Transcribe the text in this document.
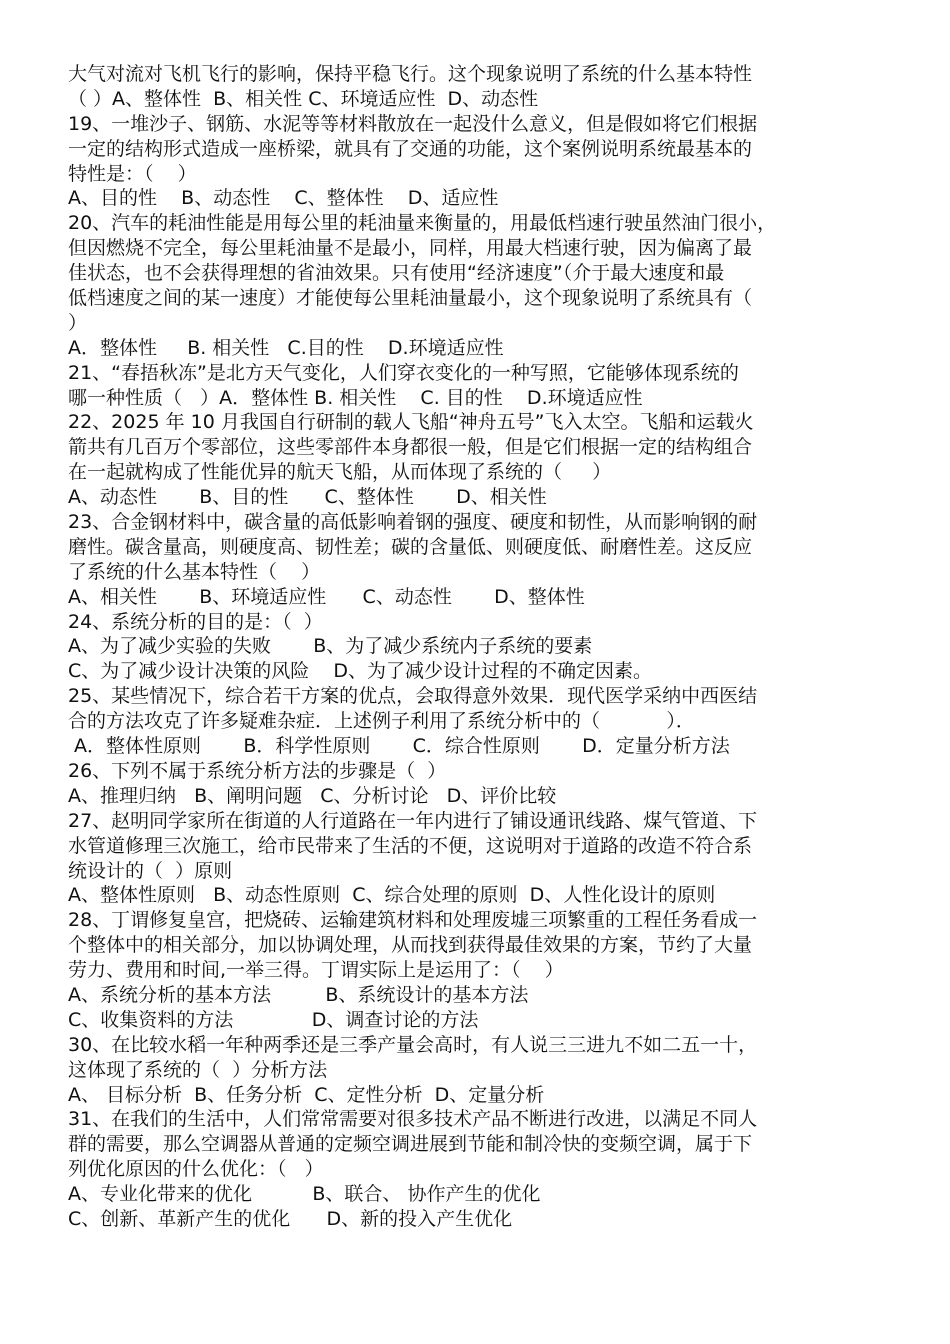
大气对流对飞机飞行的影响，保持平稳飞行。这个现象说明了系统的什么基本特性
（ ）A、整体性  B、相关性 C、环境适应性  D、动态性
19、一堆沙子、钢筋、水泥等等材料散放在一起没什么意义，但是假如将它们根据
一定的结构形式造成一座桥梁，就具有了交通的功能，这个案例说明系统最基本的
特性是：（    ）
A、目的性    B、动态性    C、整体性    D、适应性
20、汽车的耗油性能是用每公里的耗油量来衡量的，用最低档速行驶虽然油门很小，
但因燃烧不完全，每公里耗油量不是最小，同样，用最大档速行驶，因为偏离了最
佳状态，也不会获得理想的省油效果。只有使用“经济速度”（介于最大速度和最
低档速度之间的某一速度）才能使每公里耗油量最小，这个现象说明了系统具有（
）
A．整体性     B. 相关性   C.目的性    D.环境适应性
21、“春捂秋冻”是北方天气变化，人们穿衣变化的一种写照，它能够体现系统的
哪一种性质（   ）A．整体性 B. 相关性    C. 目的性    D.环境适应性
22、2025 年 10 月我国自行研制的载人飞船“神舟五号”飞入太空。飞船和运载火
箭共有几百万个零部位，这些零部件本身都很一般，但是它们根据一定的结构组合
在一起就构成了性能优异的航天飞船，从而体现了系统的（     ）
A、动态性       B、目的性      C、整体性       D、相关性
23、合金钢材料中，碳含量的高低影响着钢的强度、硬度和韧性，从而影响钢的耐
磨性。碳含量高，则硬度高、韧性差；碳的含量低、则硬度低、耐磨性差。这反应
了系统的什么基本特性（    ）
A、相关性       B、环境适应性      C、动态性       D、整体性
24、系统分析的目的是：（  ）
A、为了减少实验的失败       B、为了减少系统内子系统的要素
C、为了减少设计决策的风险    D、为了减少设计过程的不确定因素。
25、某些情况下，综合若干方案的优点，会取得意外效果．现代医学采纳中西医结
合的方法攻克了许多疑难杂症．上述例子利用了系统分析中的（           ）．
A．整体性原则       B．科学性原则       C．综合性原则       D．定量分析方法
26、下列不属于系统分析方法的步骤是（  ）
A、推理归纳   B、阐明问题   C、分析讨论   D、评价比较
27、赵明同学家所在街道的人行道路在一年内进行了铺设通讯线路、煤气管道、下
水管道修理三次施工，给市民带来了生活的不便，这说明对于道路的改造不符合系
统设计的（  ）原则
A、整体性原则   B、动态性原则  C、综合处理的原则  D、人性化设计的原则
28、丁谓修复皇宫，把烧砖、运输建筑材料和处理废墟三项繁重的工程任务看成一
个整体中的相关部分，加以协调处理，从而找到获得最佳效果的方案，节约了大量
劳力、费用和时间,一举三得。丁谓实际上是运用了：（    ）
A、系统分析的基本方法         B、系统设计的基本方法
C、收集资料的方法             D、调查讨论的方法
30、在比较水稻一年种两季还是三季产量会高时，有人说三三进九不如二五一十，
这体现了系统的（  ）分析方法
A、 目标分析  B、任务分析  C、定性分析  D、定量分析
31、在我们的生活中，人们常常需要对很多技术产品不断进行改进，以满足不同人
群的需要，那么空调器从普通的定频空调进展到节能和制冷快的变频空调，属于下
列优化原因的什么优化：（   ）
A、专业化带来的优化          B、联合、 协作产生的优化
C、创新、革新产生的优化      D、新的投入产生优化
